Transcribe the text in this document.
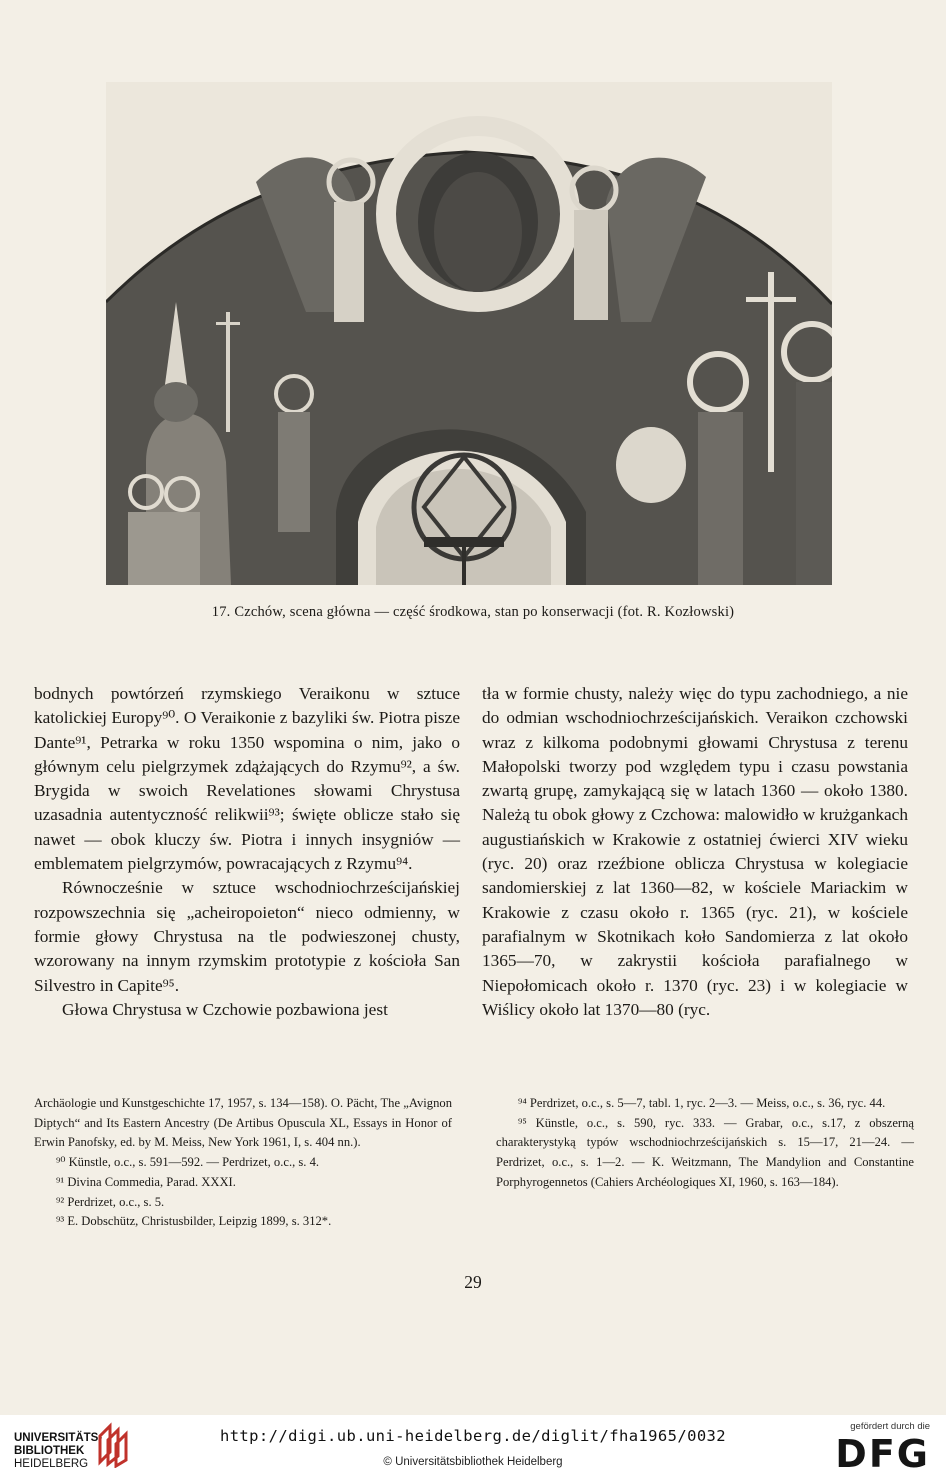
17. Czchów, scena główna — część środkowa, stan po konserwacji (fot. R. Kozłowski)

bodnych powtórzeń rzymskiego Veraikonu w sztuce katolickiej Europy⁹⁰. O Veraikonie z bazyliki św. Piotra pisze Dante⁹¹, Petrarka w roku 1350 wspomina o nim, jako o głównym celu pielgrzymek zdążających do Rzymu⁹², a św. Brygida w swoich Revelationes słowami Chrystusa uzasadnia autentyczność relikwii⁹³; święte oblicze stało się nawet — obok kluczy św. Piotra i innych insygniów — emblematem pielgrzymów, powracających z Rzymu⁹⁴.

Równocześnie w sztuce wschodniochrześcijańskiej rozpowszechnia się „acheiropoieton“ nieco odmienny, w formie głowy Chrystusa na tle podwieszonej chusty, wzorowany na innym rzymskim prototypie z kościoła San Silvestro in Capite⁹⁵.

Głowa Chrystusa w Czchowie pozbawiona jest

tła w formie chusty, należy więc do typu zachodniego, a nie do odmian wschodniochrześcijańskich. Veraikon czchowski wraz z kilkoma podobnymi głowami Chrystusa z terenu Małopolski tworzy pod względem typu i czasu powstania zwartą grupę, zamykającą się w latach 1360 — około 1380. Należą tu obok głowy z Czchowa: malowidło w krużgankach augustiańskich w Krakowie z ostatniej ćwierci XIV wieku (ryc. 20) oraz rzeźbione oblicza Chrystusa w kolegiacie sandomierskiej z lat 1360—82, w kościele Mariackim w Krakowie z czasu około r. 1365 (ryc. 21), w kościele parafialnym w Skotnikach koło Sandomierza z lat około 1365—70, w zakrystii kościoła parafialnego w Niepołomicach około r. 1370 (ryc. 23) i w kolegiacie w Wiślicy około lat 1370—80 (ryc.

Archäologie und Kunstgeschichte 17, 1957, s. 134—158). O. Pächt, The „Avignon Diptych“ and Its Eastern Ancestry (De Artibus Opuscula XL, Essays in Honor of Erwin Panofsky, ed. by M. Meiss, New York 1961, I, s. 404 nn.).

⁹⁰ Künstle, o.c., s. 591—592. — Perdrizet, o.c., s. 4.

⁹¹ Divina Commedia, Parad. XXXI.

⁹² Perdrizet, o.c., s. 5.

⁹³ E. Dobschütz, Christusbilder, Leipzig 1899, s. 312*.

⁹⁴ Perdrizet, o.c., s. 5—7, tabl. 1, ryc. 2—3. — Meiss, o.c., s. 36, ryc. 44.

⁹⁵ Künstle, o.c., s. 590, ryc. 333. — Grabar, o.c., s.17, z obszerną charakterystyką typów wschodniochrześcijańskich s. 15—17, 21—24. — Perdrizet, o.c., s. 1—2. — K. Weitzmann, The Mandylion and Constantine Porphyrogennetos (Cahiers Archéologiques XI, 1960, s. 163—184).

29
UNIVERSITÄTS-
BIBLIOTHEK
HEIDELBERG
http://digi.ub.uni-heidelberg.de/diglit/fha1965/0032
© Universitätsbibliothek Heidelberg
gefördert durch die
DFG
